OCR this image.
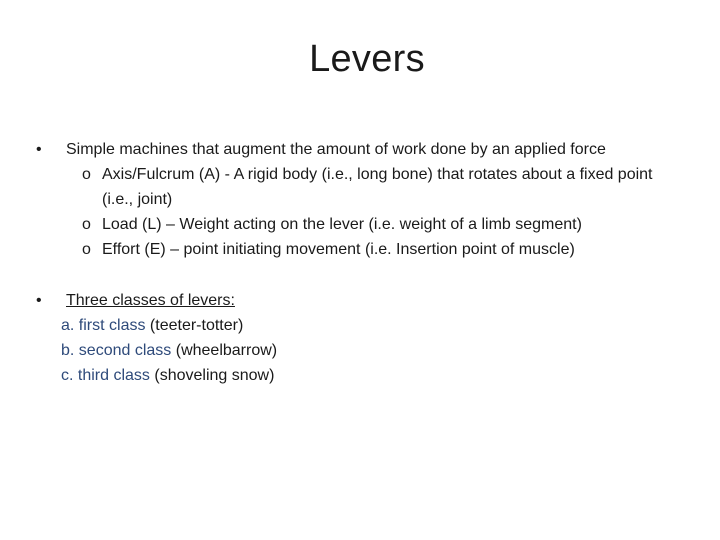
Levers
•	Simple machines that augment the amount of work done by an applied force
o Axis/Fulcrum (A) - A rigid body (i.e., long bone) that rotates about a fixed point (i.e., joint)
o Load (L) – Weight acting on the lever (i.e. weight of a limb segment)
o Effort (E) – point initiating movement (i.e. Insertion point of muscle)
•	Three classes of levers:
a. first class (teeter-totter)
b. second class (wheelbarrow)
c. third class (shoveling snow)
